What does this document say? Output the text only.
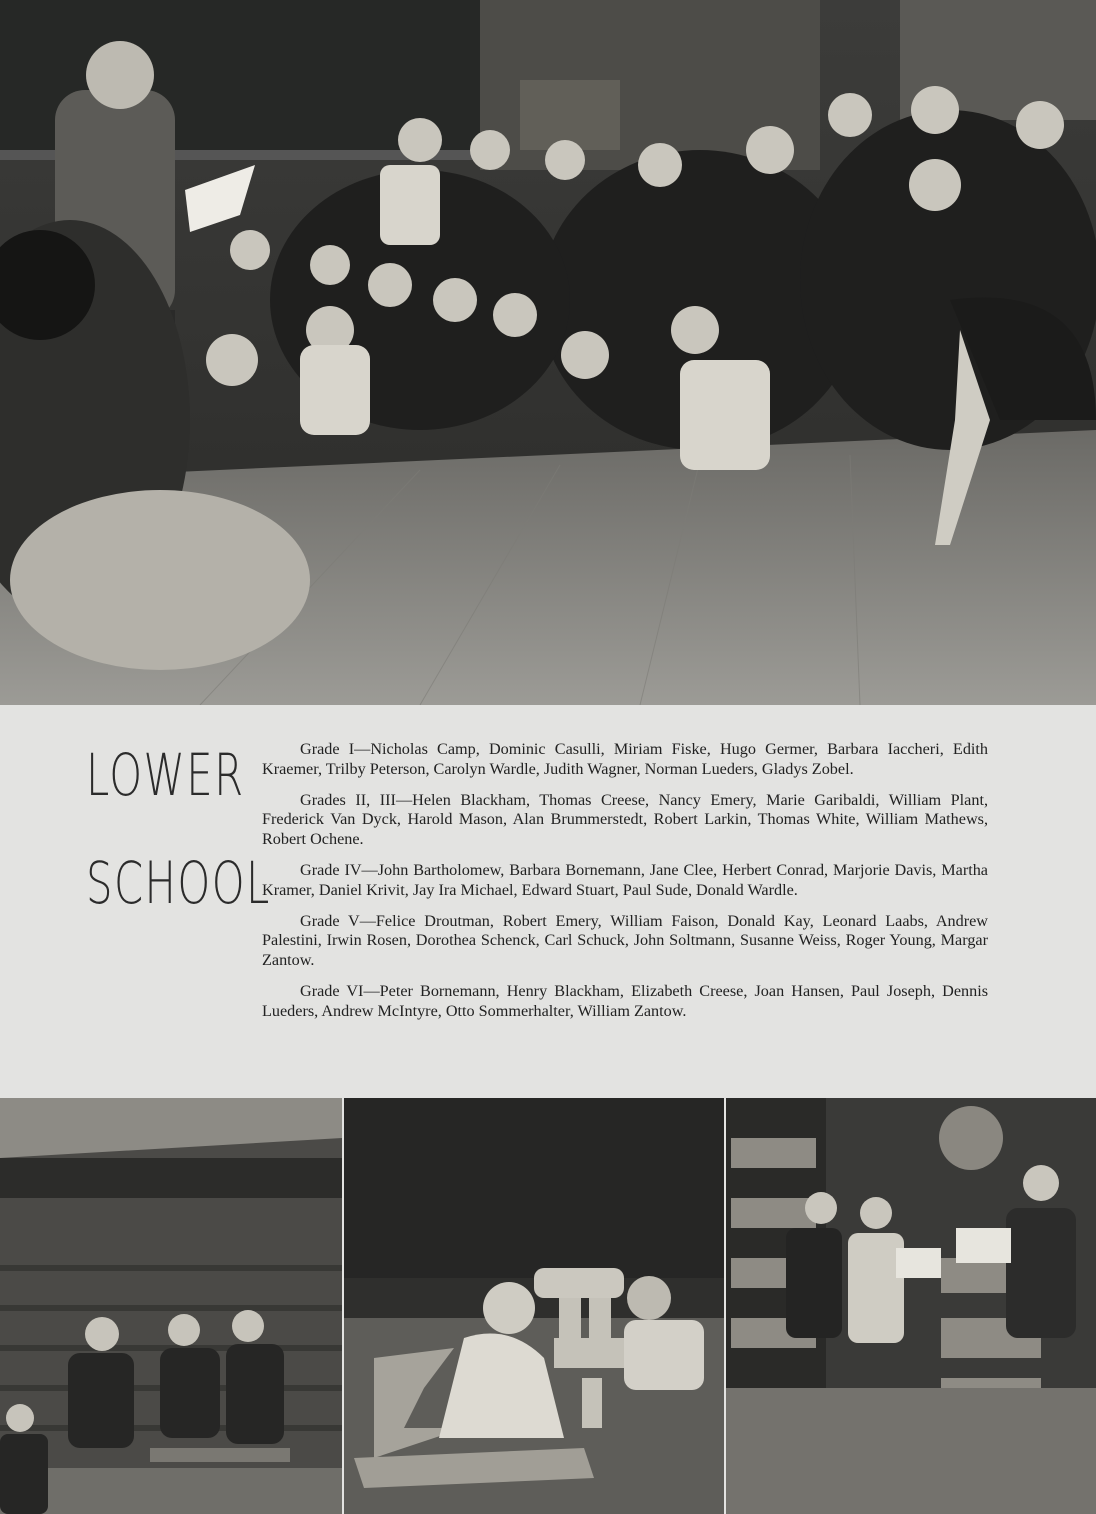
LOWER
SCHOOL

Grade I—Nicholas Camp, Dominic Casulli, Miriam Fiske, Hugo Germer, Barbara Iaccheri, Edith Kraemer, Trilby Peterson, Carolyn Wardle, Judith Wagner, Norman Lueders, Gladys Zobel.

Grades II, III—Helen Blackham, Thomas Creese, Nancy Emery, Marie Garibaldi, William Plant, Frederick Van Dyck, Harold Mason, Alan Brummerstedt, Robert Larkin, Thomas White, William Mathews, Robert Ochene.

Grade IV—John Bartholomew, Barbara Bornemann, Jane Clee, Herbert Conrad, Marjorie Davis, Martha Kramer, Daniel Krivit, Jay Ira Michael, Edward Stuart, Paul Sude, Donald Wardle.

Grade V—Felice Droutman, Robert Emery, William Faison, Donald Kay, Leonard Laabs, Andrew Palestini, Irwin Rosen, Dorothea Schenck, Carl Schuck, John Soltmann, Susanne Weiss, Roger Young, Margar Zantow.

Grade VI—Peter Bornemann, Henry Blackham, Elizabeth Creese, Joan Hansen, Paul Joseph, Dennis Lueders, Andrew McIntyre, Otto Sommerhalter, William Zantow.
